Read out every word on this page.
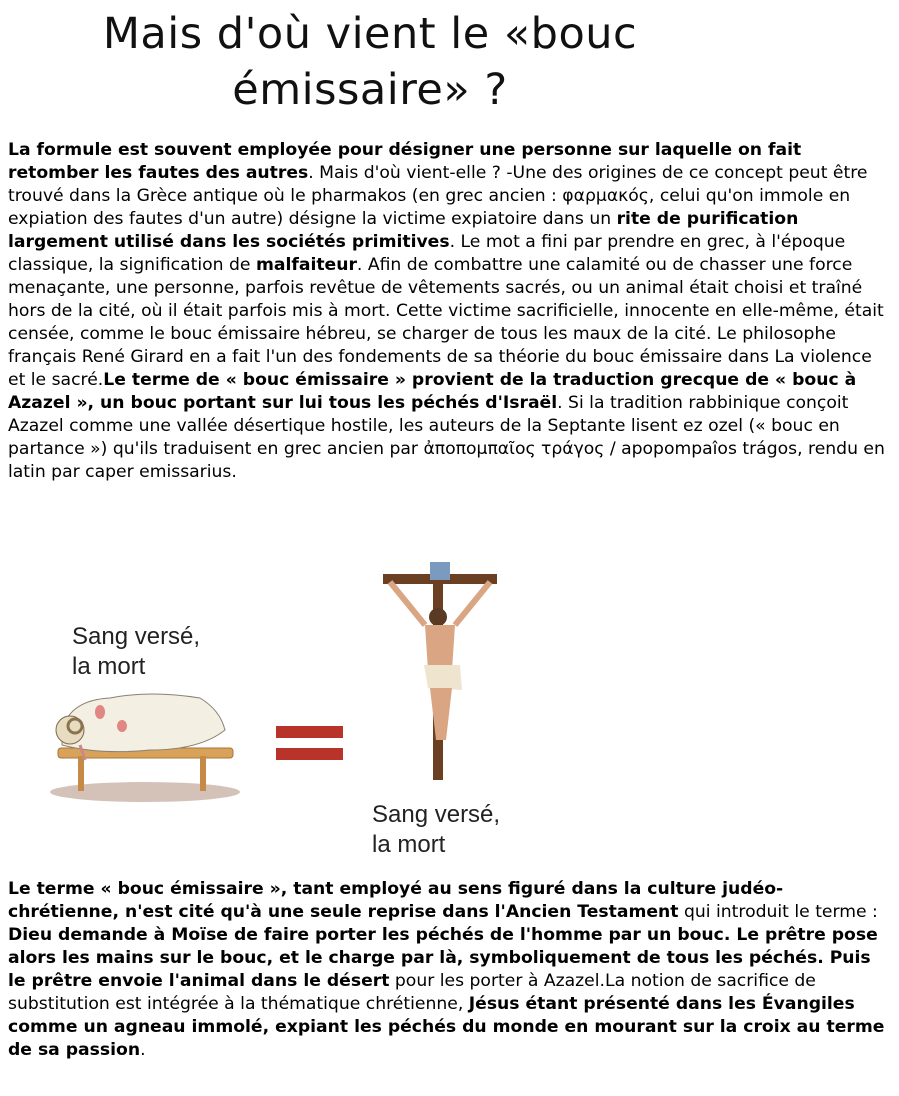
Mais d'où vient le «bouc émissaire» ?

La formule est souvent employée pour désigner une personne sur laquelle on fait retomber les fautes des autres. Mais d'où vient-elle ? -Une des origines de ce concept peut être trouvé dans la Grèce antique où le pharmakos (en grec ancien : φαρμακός, celui qu'on immole en expiation des fautes d'un autre) désigne la victime expiatoire dans un rite de purification largement utilisé dans les sociétés primitives. Le mot a fini par prendre en grec, à l'époque classique, la signification de malfaiteur. Afin de combattre une calamité ou de chasser une force menaçante, une personne, parfois revêtue de vêtements sacrés, ou un animal était choisi et traîné hors de la cité, où il était parfois mis à mort. Cette victime sacrificielle, innocente en elle-même, était censée, comme le bouc émissaire hébreu, se charger de tous les maux de la cité. Le philosophe français René Girard en a fait l'un des fondements de sa théorie du bouc émissaire dans La violence et le sacré.Le terme de « bouc émissaire » provient de la traduction grecque de « bouc à Azazel », un bouc portant sur lui tous les péchés d'Israël. Si la tradition rabbinique conçoit Azazel comme une vallée désertique hostile, les auteurs de la Septante lisent ez ozel (« bouc en partance ») qu'ils traduisent en grec ancien par ἀποπομπαῖος τράγος / apopompaîos trágos, rendu en latin par caper emissarius.

Sang versé,
la mort
Sang versé,
la mort

Le terme « bouc émissaire », tant employé au sens figuré dans la culture judéo-chrétienne, n'est cité qu'à une seule reprise dans l'Ancien Testament qui introduit le terme : Dieu demande à Moïse de faire porter les péchés de l'homme par un bouc. Le prêtre pose alors les mains sur le bouc, et le charge par là, symboliquement de tous les péchés. Puis le prêtre envoie l'animal dans le désert pour les porter à Azazel.La notion de sacrifice de substitution est intégrée à la thématique chrétienne, Jésus étant présenté dans les Évangiles comme un agneau immolé, expiant les péchés du monde en mourant sur la croix au terme de sa passion.
